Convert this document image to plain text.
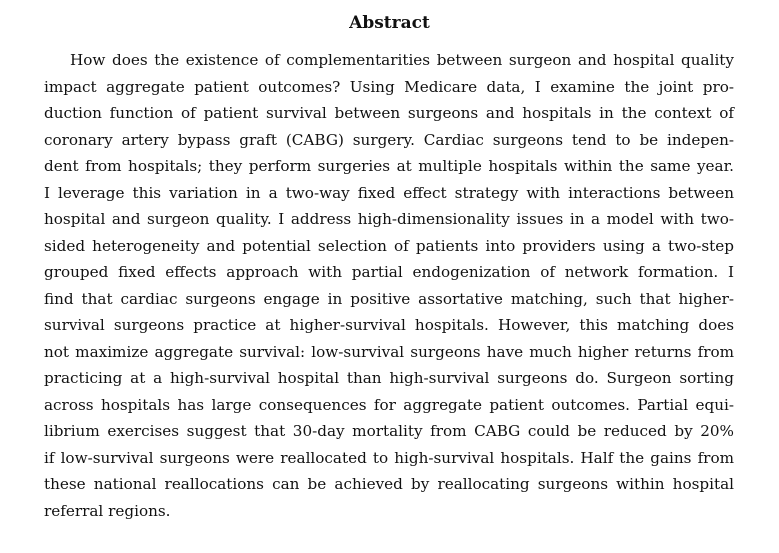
Abstract
How does the existence of complementarities between surgeon and hospital quality
impact aggregate patient outcomes? Using Medicare data, I examine the joint pro-
duction function of patient survival between surgeons and hospitals in the context of
coronary artery bypass graft (CABG) surgery. Cardiac surgeons tend to be indepen-
dent from hospitals; they perform surgeries at multiple hospitals within the same year.
I leverage this variation in a two-way fixed effect strategy with interactions between
hospital and surgeon quality. I address high-dimensionality issues in a model with two-
sided heterogeneity and potential selection of patients into providers using a two-step
grouped fixed effects approach with partial endogenization of network formation. I
find that cardiac surgeons engage in positive assortative matching, such that higher-
survival surgeons practice at higher-survival hospitals. However, this matching does
not maximize aggregate survival: low-survival surgeons have much higher returns from
practicing at a high-survival hospital than high-survival surgeons do. Surgeon sorting
across hospitals has large consequences for aggregate patient outcomes. Partial equi-
librium exercises suggest that 30-day mortality from CABG could be reduced by 20%
if low-survival surgeons were reallocated to high-survival hospitals. Half the gains from
these national reallocations can be achieved by reallocating surgeons within hospital
referral regions.
